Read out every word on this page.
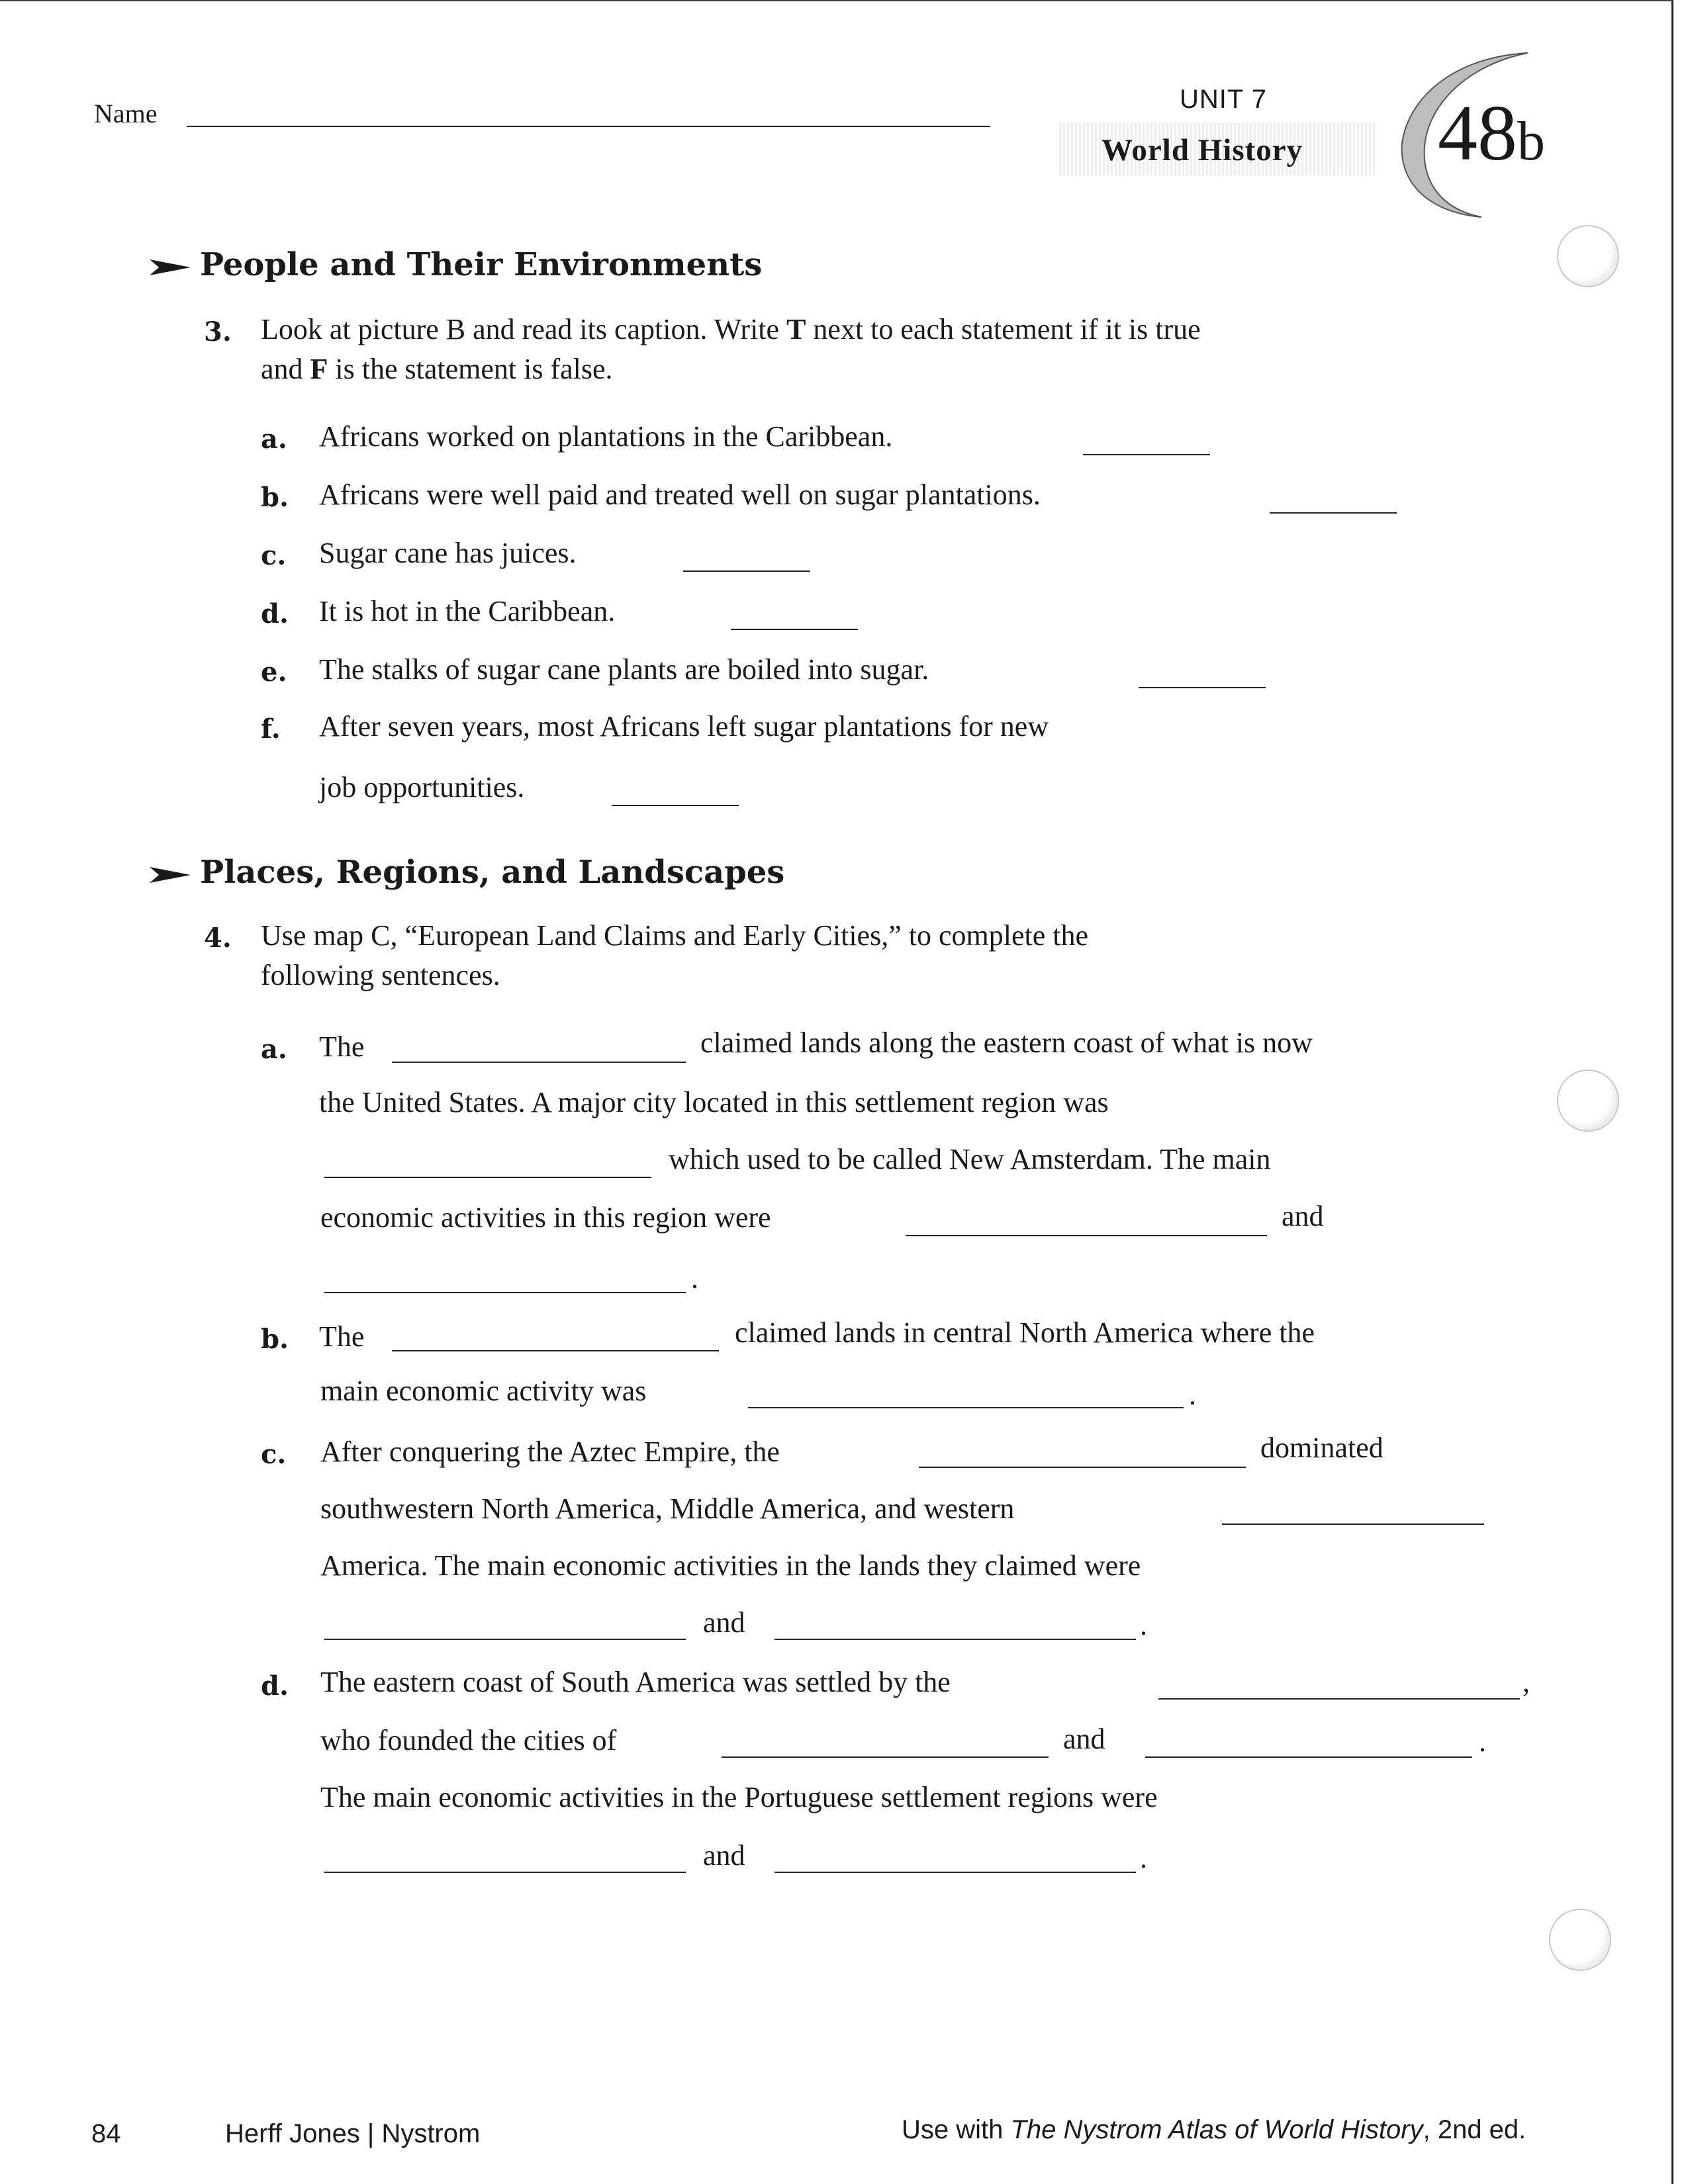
Name	UNIT 7
World History 48b
People and Their Environments
3. Look at picture B and read its caption. Write T next to each statement if it is true
and F is the statement is false.
a. Africans worked on plantations in the Caribbean.
b. Africans were well paid and treated well on sugar plantations.
c. Sugar cane has juices.
d. It is hot in the Caribbean.
e. The stalks of sugar cane plants are boiled into sugar.
f. After seven years, most Africans left sugar plantations for new
job opportunities.
Places, Regions, and Landscapes
4. Use map C, “European Land Claims and Early Cities,” to complete the
following sentences.
a. The	claimed lands along the eastern coast of what is now
the United States. A major city located in this settlement region was
which used to be called New Amsterdam. The main
economic activities in this region were	and
.
b. The	claimed lands in central North America where the
main economic activity was	.
c. After conquering the Aztec Empire, the	dominated
southwestern North America, Middle America, and western
America. The main economic activities in the lands they claimed were
and	.
d. The eastern coast of South America was settled by the	,
who founded the cities of	and	.
The main economic activities in the Portuguese settlement regions were
and	.
84	Herff Jones | Nystrom	Use with The Nystrom Atlas of World History, 2nd ed.
